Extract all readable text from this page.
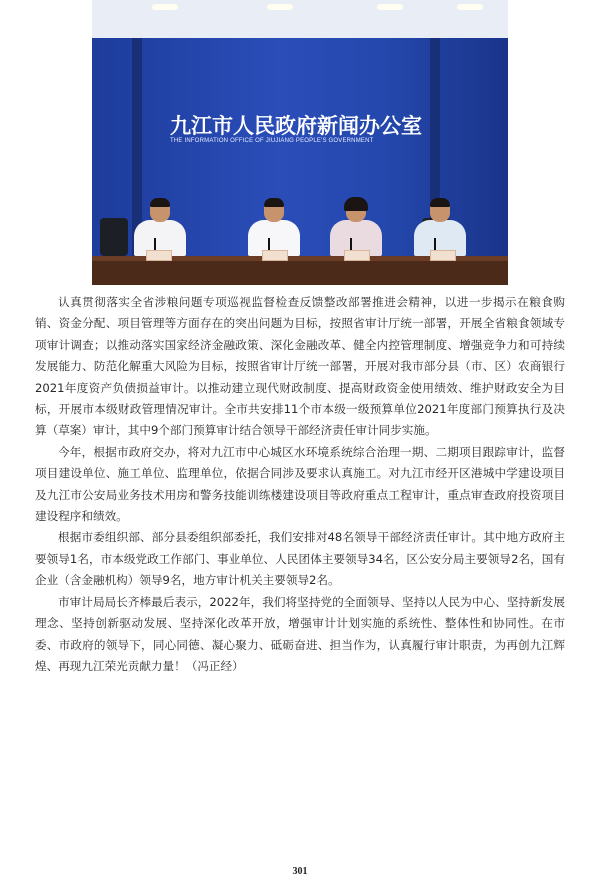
九江市人民政府新闻办公室
THE INFORMATION OFFICE OF JIUJIANG PEOPLE'S GOVERNMENT

认真贯彻落实全省涉粮问题专项巡视监督检查反馈整改部署推进会精神，以进一步揭示在粮食购销、资金分配、项目管理等方面存在的突出问题为目标，按照省审计厅统一部署，开展全省粮食领域专项审计调查；以推动落实国家经济金融政策、深化金融改革、健全内控管理制度、增强竞争力和可持续发展能力、防范化解重大风险为目标，按照省审计厅统一部署，开展对我市部分县（市、区）农商银行2021年度资产负债损益审计。以推动建立现代财政制度、提高财政资金使用绩效、维护财政安全为目标，开展市本级财政管理情况审计。全市共安排11个市本级一级预算单位2021年度部门预算执行及决算（草案）审计，其中9个部门预算审计结合领导干部经济责任审计同步实施。

今年，根据市政府交办，将对九江市中心城区水环境系统综合治理一期、二期项目跟踪审计，监督项目建设单位、施工单位、监理单位，依据合同涉及要求认真施工。对九江市经开区港城中学建设项目及九江市公安局业务技术用房和警务技能训练楼建设项目等政府重点工程审计，重点审查政府投资项目建设程序和绩效。

根据市委组织部、部分县委组织部委托，我们安排对48名领导干部经济责任审计。其中地方政府主要领导1名，市本级党政工作部门、事业单位、人民团体主要领导34名，区公安分局主要领导2名，国有企业（含金融机构）领导9名，地方审计机关主要领导2名。

市审计局局长齐棒最后表示，2022年，我们将坚持党的全面领导、坚持以人民为中心、坚持新发展理念、坚持创新驱动发展、坚持深化改革开放，增强审计计划实施的系统性、整体性和协同性。在市委、市政府的领导下，同心同德、凝心聚力、砥砺奋进、担当作为，认真履行审计职责，为再创九江辉煌、再现九江荣光贡献力量！（冯正经）

301
